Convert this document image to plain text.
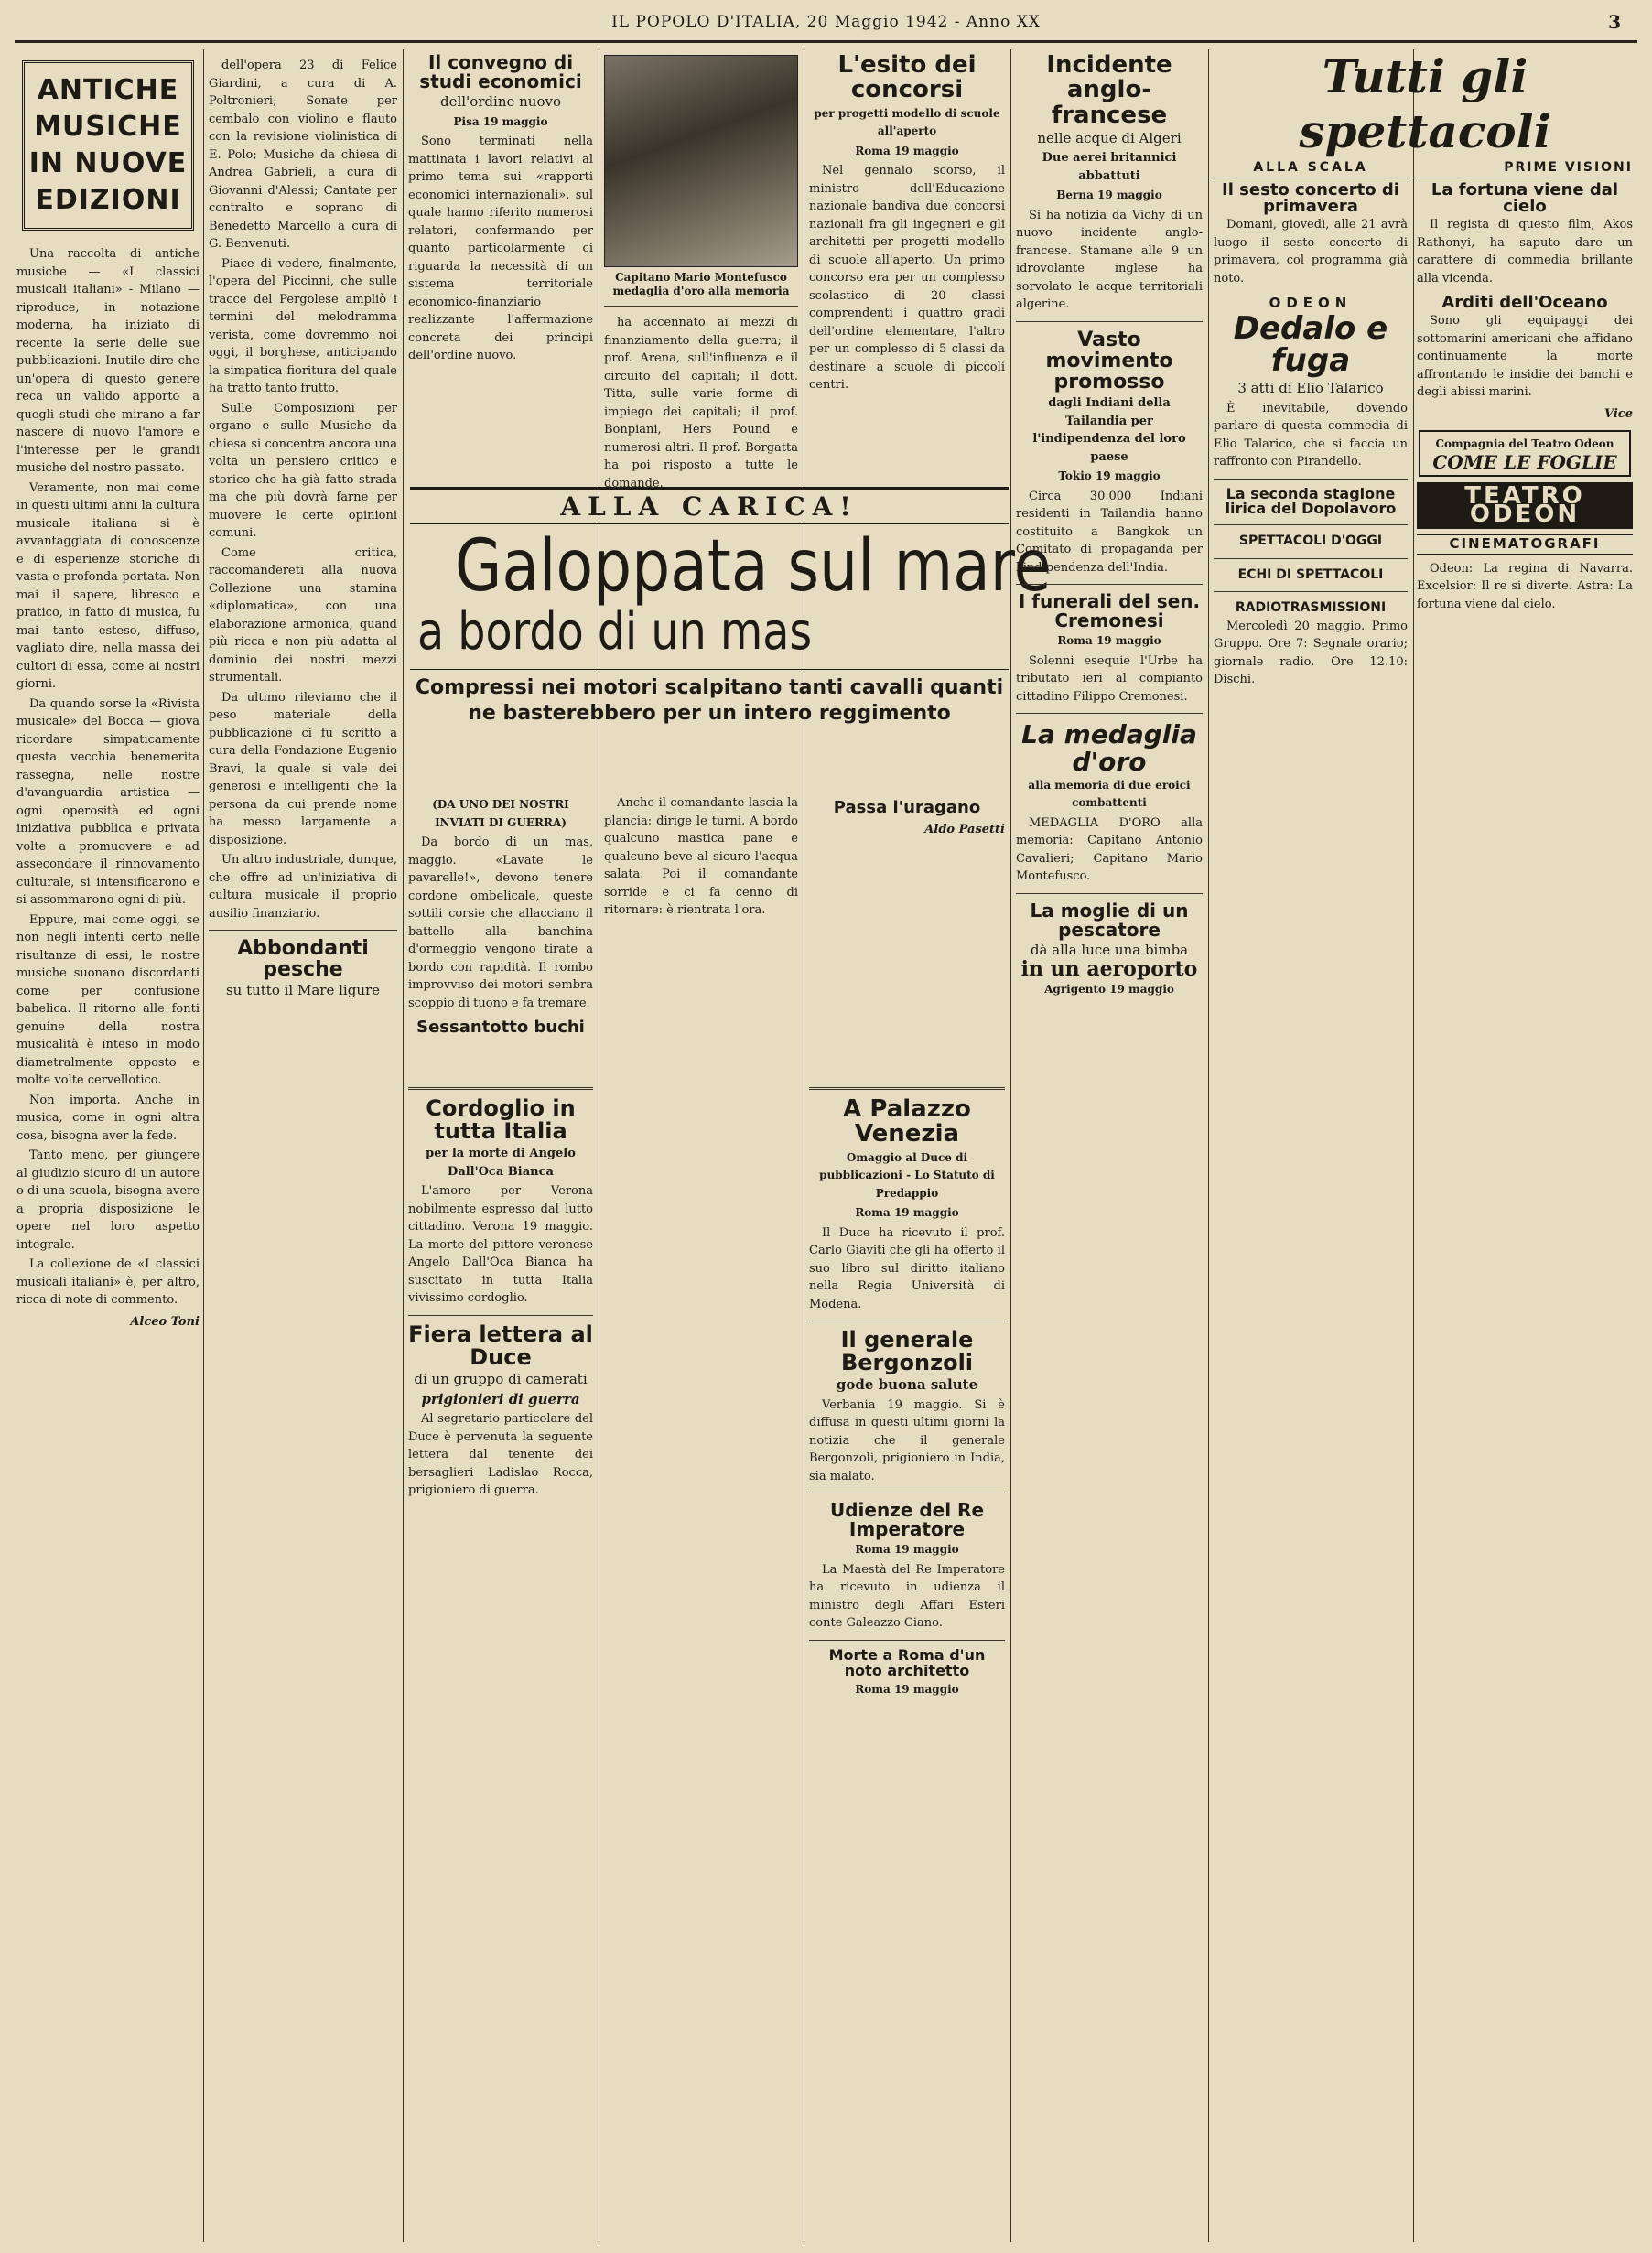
IL POPOLO D'ITALIA, 20 Maggio 1942 - Anno XX	3
ANTICHE MUSICHE IN NUOVE EDIZIONI

Una raccolta di antiche musiche — «I classici musicali italiani» - Milano — riproduce, in notazione moderna, ha iniziato di recente la serie delle sue pubblicazioni. Inutile dire che un'opera di questo genere reca un valido apporto a quegli studi che mirano a far nascere di nuovo l'amore e l'interesse per le grandi musiche del nostro passato.

Veramente, non mai come in questi ultimi anni la cultura musicale italiana si è avvantaggiata di conoscenze e di esperienze storiche di vasta e profonda portata. Non mai il sapere, libresco e pratico, in fatto di musica, fu mai tanto esteso, diffuso, vagliato dire, nella massa dei cultori di essa, come ai nostri giorni.

Da quando sorse la «Rivista musicale» del Bocca — giova ricordare simpaticamente questa vecchia benemerita rassegna, nelle nostre d'avanguardia artistica — ogni operosità ed ogni iniziativa pubblica e privata volte a promuovere e ad assecondare il rinnovamento culturale, si intensificarono e si assommarono ogni di più.

Eppure, mai come oggi, se non negli intenti certo nelle risultanze di essi, le nostre musiche suonano discordanti come per confusione babelica. Il ritorno alle fonti genuine della nostra musicalità è inteso in modo diametralmente opposto e molte volte cervellotico.

Non importa. Anche in musica, come in ogni altra cosa, bisogna aver la fede.

Tanto meno, per giungere al giudizio sicuro di un autore o di una scuola, bisogna avere a propria disposizione le opere nel loro aspetto integrale.

La collezione de «I classici musicali italiani» è, per altro, ricca di note di commento.

Alceo Toni

dell'opera 23 di Felice Giardini, a cura di A. Poltronieri; Sonate per cembalo con violino e flauto con la revisione violinistica di E. Polo; Musiche da chiesa di Andrea Gabrieli, a cura di Giovanni d'Alessi; Cantate per contralto e soprano di Benedetto Marcello a cura di G. Benvenuti.

Piace di vedere, finalmente, l'opera del Piccinni, che sulle tracce del Pergolese ampliò i termini del melodramma verista, come dovremmo noi oggi, il borghese, anticipando la simpatica fioritura del quale ha tratto tanto frutto.

Sulle Composizioni per organo e sulle Musiche da chiesa si concentra ancora una volta un pensiero critico e storico che ha già fatto strada ma che più dovrà farne per muovere le certe opinioni comuni.

Come critica, raccomandereti alla nuova Collezione una stamina «diplomatica», con una elaborazione armonica, quand più ricca e non più adatta al dominio dei nostri mezzi strumentali.

Da ultimo rileviamo che il peso materiale della pubblicazione ci fu scritto a cura della Fondazione Eugenio Bravi, la quale si vale dei generosi e intelligenti che la persona da cui prende nome ha messo largamente a disposizione.

Un altro industriale, dunque, che offre ad un'iniziativa di cultura musicale il proprio ausilio finanziario.

Abbondanti pesche
su tutto il Mare ligure
Il convegno di studi economici
dell'ordine nuovo
Pisa 19 maggio

Sono terminati nella mattinata i lavori relativi al primo tema sui «rapporti economici internazionali», sul quale hanno riferito numerosi relatori, confermando per quanto particolarmente ci riguarda la necessità di un sistema territoriale economico-finanziario realizzante l'affermazione concreta dei principi dell'ordine nuovo.

Capitano Mario Montefusco medaglia d'oro alla memoria

ha accennato ai mezzi di finanziamento della guerra; il prof. Arena, sull'influenza e il circuito del capitali; il dott. Titta, sulle varie forme di impiego dei capitali; il prof. Bonpiani, Hers Pound e numerosi altri. Il prof. Borgatta ha poi risposto a tutte le domande.

L'esito dei concorsi
per progetti modello di scuole all'aperto
Roma 19 maggio

Nel gennaio scorso, il ministro dell'Educazione nazionale bandiva due concorsi nazionali fra gli ingegneri e gli architetti per progetti modello di scuole all'aperto. Un primo concorso era per un complesso scolastico di 20 classi comprendenti i quattro gradi dell'ordine elementare, l'altro per un complesso di 5 classi da destinare a scuole di piccoli centri.

ALLA CARICA!
Galoppata sul mare
a bordo di un mas
Compressi nei motori scalpitano tanti cavalli quanti ne basterebbero per un intero reggimento
(DA UNO DEI NOSTRI INVIATI DI GUERRA)

Da bordo di un mas, maggio. «Lavate le pavarelle!», devono tenere cordone ombelicale, queste sottili corsie che allacciano il battello alla banchina d'ormeggio vengono tirate a bordo con rapidità. Il rombo improvviso dei motori sembra scoppio di tuono e fa tremare.

Sessantotto buchi

Anche il comandante lascia la plancia: dirige le turni. A bordo qualcuno mastica pane e qualcuno beve al sicuro l'acqua salata. Poi il comandante sorride e ci fa cenno di ritornare: è rientrata l'ora.

Passa l'uragano
Aldo Pasetti
Cordoglio in tutta Italia
per la morte di Angelo Dall'Oca Bianca

L'amore per Verona nobilmente espresso dal lutto cittadino. Verona 19 maggio. La morte del pittore veronese Angelo Dall'Oca Bianca ha suscitato in tutta Italia vivissimo cordoglio.

Fiera lettera al Duce
di un gruppo di camerati
prigionieri di guerra

Al segretario particolare del Duce è pervenuta la seguente lettera dal tenente dei bersaglieri Ladislao Rocca, prigioniero di guerra.

A Palazzo Venezia
Omaggio al Duce di pubblicazioni - Lo Statuto di Predappio
Roma 19 maggio

Il Duce ha ricevuto il prof. Carlo Giaviti che gli ha offerto il suo libro sul diritto italiano nella Regia Università di Modena.

Il generale Bergonzoli
gode buona salute

Verbania 19 maggio. Si è diffusa in questi ultimi giorni la notizia che il generale Bergonzoli, prigioniero in India, sia malato.

Udienze del Re Imperatore
Roma 19 maggio

La Maestà del Re Imperatore ha ricevuto in udienza il ministro degli Affari Esteri conte Galeazzo Ciano.

Morte a Roma d'un noto architetto
Roma 19 maggio
Incidente anglo-francese
nelle acque di Algeri
Due aerei britannici abbattuti
Berna 19 maggio

Si ha notizia da Vichy di un nuovo incidente anglo-francese. Stamane alle 9 un idrovolante inglese ha sorvolato le acque territoriali algerine.

Vasto movimento promosso
dagli Indiani della Tailandia per l'indipendenza del loro paese
Tokio 19 maggio

Circa 30.000 Indiani residenti in Tailandia hanno costituito a Bangkok un Comitato di propaganda per l'indipendenza dell'India.

I funerali del sen. Cremonesi
Roma 19 maggio

Solenni esequie l'Urbe ha tributato ieri al compianto cittadino Filippo Cremonesi.

La medaglia d'oro
alla memoria di due eroici combattenti

MEDAGLIA D'ORO alla memoria: Capitano Antonio Cavalieri; Capitano Mario Montefusco.

La moglie di un pescatore
dà alla luce una bimba
in un aeroporto
Agrigento 19 maggio
Tutti gli spettacoli
ALLA SCALA
Il sesto concerto di primavera

Domani, giovedì, alle 21 avrà luogo il sesto concerto di primavera, col programma già noto.

ODEON
Dedalo e fuga
3 atti di Elio Talarico

È inevitabile, dovendo parlare di questa commedia di Elio Talarico, che si faccia un raffronto con Pirandello.

La seconda stagione lirica del Dopolavoro
SPETTACOLI D'OGGI
ECHI DI SPETTACOLI
RADIOTRASMISSIONI

Mercoledì 20 maggio. Primo Gruppo. Ore 7: Segnale orario; giornale radio. Ore 12.10: Dischi.

PRIME VISIONI
La fortuna viene dal cielo

Il regista di questo film, Akos Rathonyi, ha saputo dare un carattere di commedia brillante alla vicenda.

Arditi dell'Oceano

Sono gli equipaggi dei sottomarini americani che affidano continuamente la morte affrontando le insidie dei banchi e degli abissi marini.

Vice
Compagnia del Teatro Odeon
COME LE FOGLIE
TEATRO ODEON
CINEMATOGRAFI

Odeon: La regina di Navarra. Excelsior: Il re si diverte. Astra: La fortuna viene dal cielo.
